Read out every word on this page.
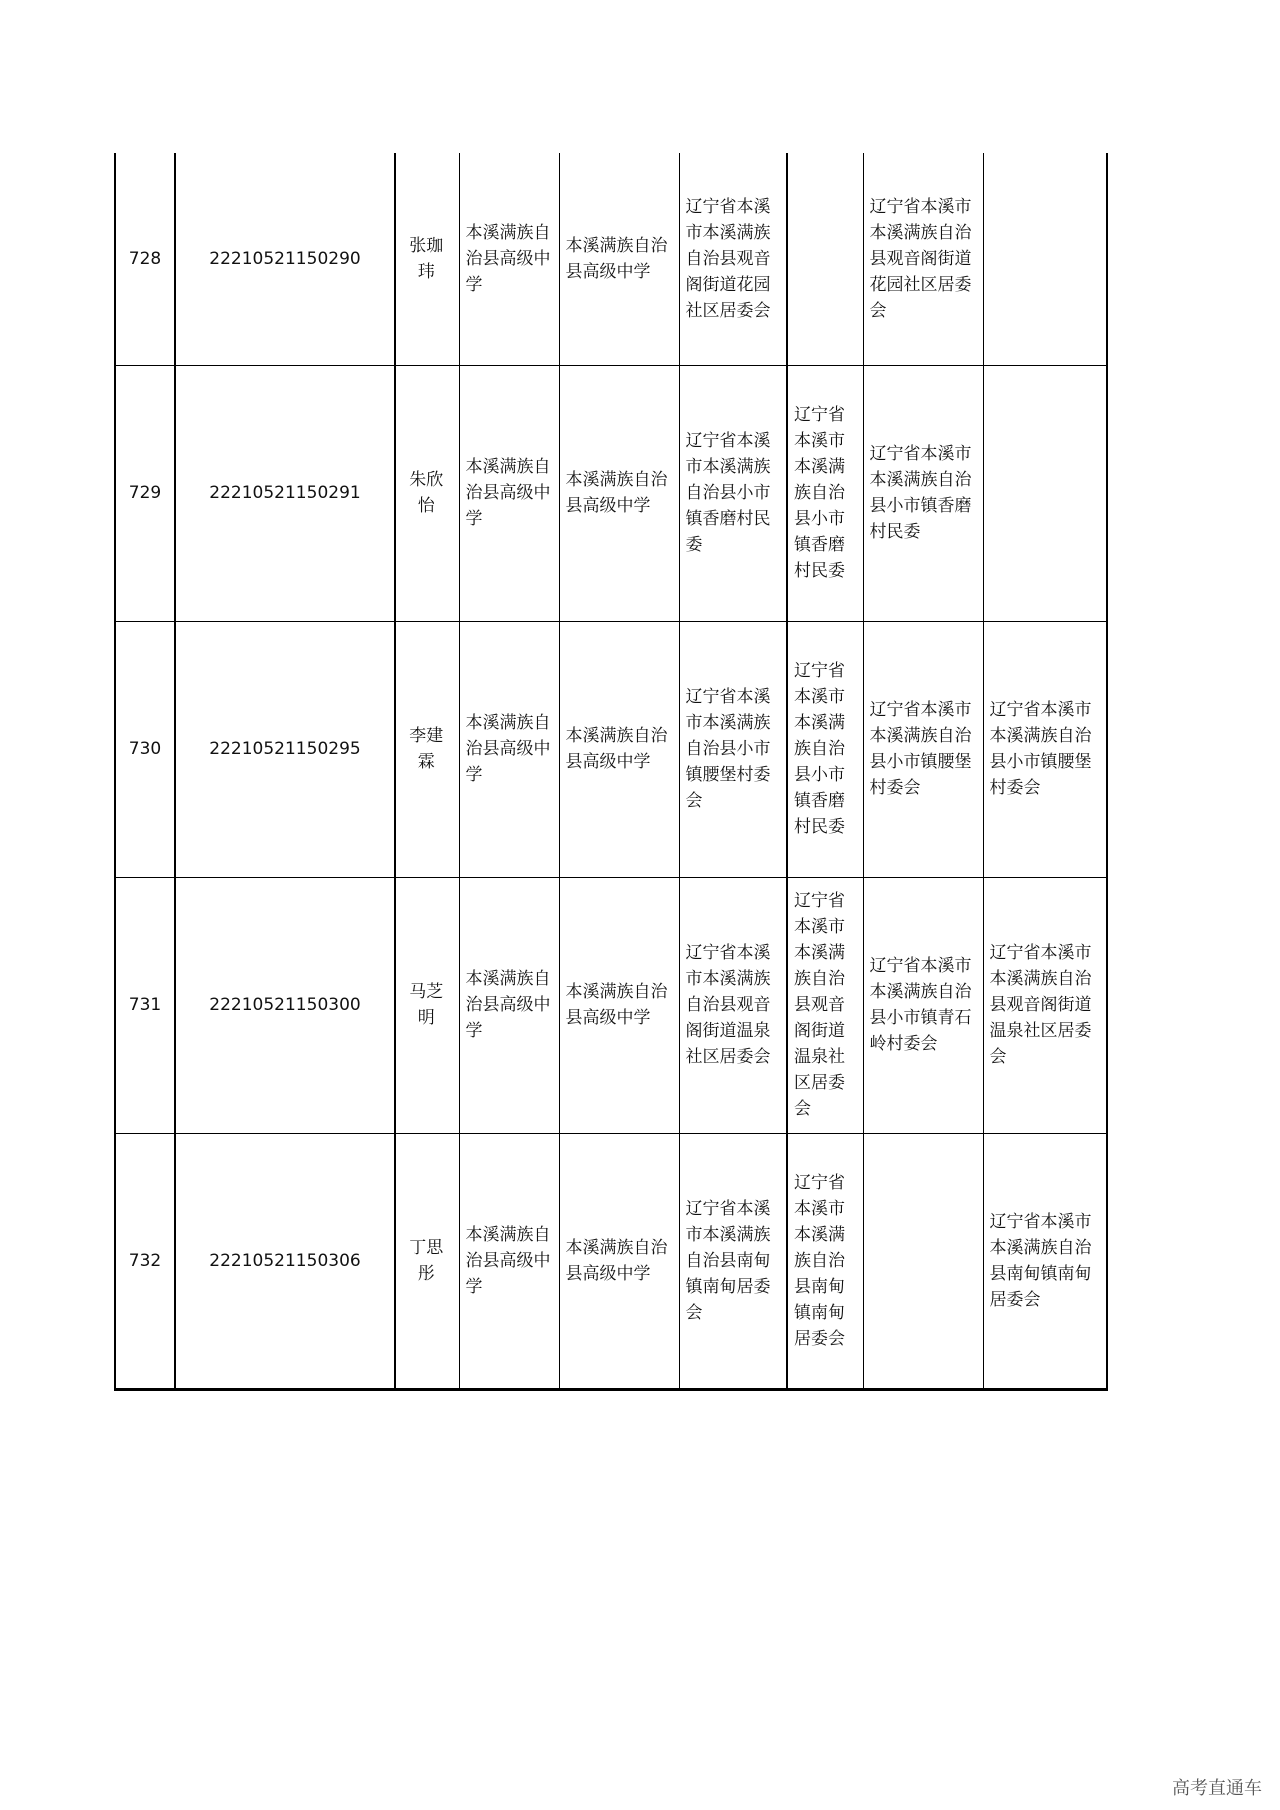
728	22210521150290	张珈玮	本溪满族自治县高级中学	本溪满族自治县高级中学	辽宁省本溪市本溪满族自治县观音阁街道花园社区居委会		辽宁省本溪市本溪满族自治县观音阁街道花园社区居委会	
729	22210521150291	朱欣怡	本溪满族自治县高级中学	本溪满族自治县高级中学	辽宁省本溪市本溪满族自治县小市镇香磨村民委	辽宁省本溪市本溪满族自治县小市镇香磨村民委	辽宁省本溪市本溪满族自治县小市镇香磨村民委	
730	22210521150295	李建霖	本溪满族自治县高级中学	本溪满族自治县高级中学	辽宁省本溪市本溪满族自治县小市镇腰堡村委会	辽宁省本溪市本溪满族自治县小市镇香磨村民委	辽宁省本溪市本溪满族自治县小市镇腰堡村委会	辽宁省本溪市本溪满族自治县小市镇腰堡村委会
731	22210521150300	马芝明	本溪满族自治县高级中学	本溪满族自治县高级中学	辽宁省本溪市本溪满族自治县观音阁街道温泉社区居委会	辽宁省本溪市本溪满族自治县观音阁街道温泉社区居委会	辽宁省本溪市本溪满族自治县小市镇青石岭村委会	辽宁省本溪市本溪满族自治县观音阁街道温泉社区居委会
732	22210521150306	丁思彤	本溪满族自治县高级中学	本溪满族自治县高级中学	辽宁省本溪市本溪满族自治县南甸镇南甸居委会	辽宁省本溪市本溪满族自治县南甸镇南甸居委会		辽宁省本溪市本溪满族自治县南甸镇南甸居委会
高考直通车
